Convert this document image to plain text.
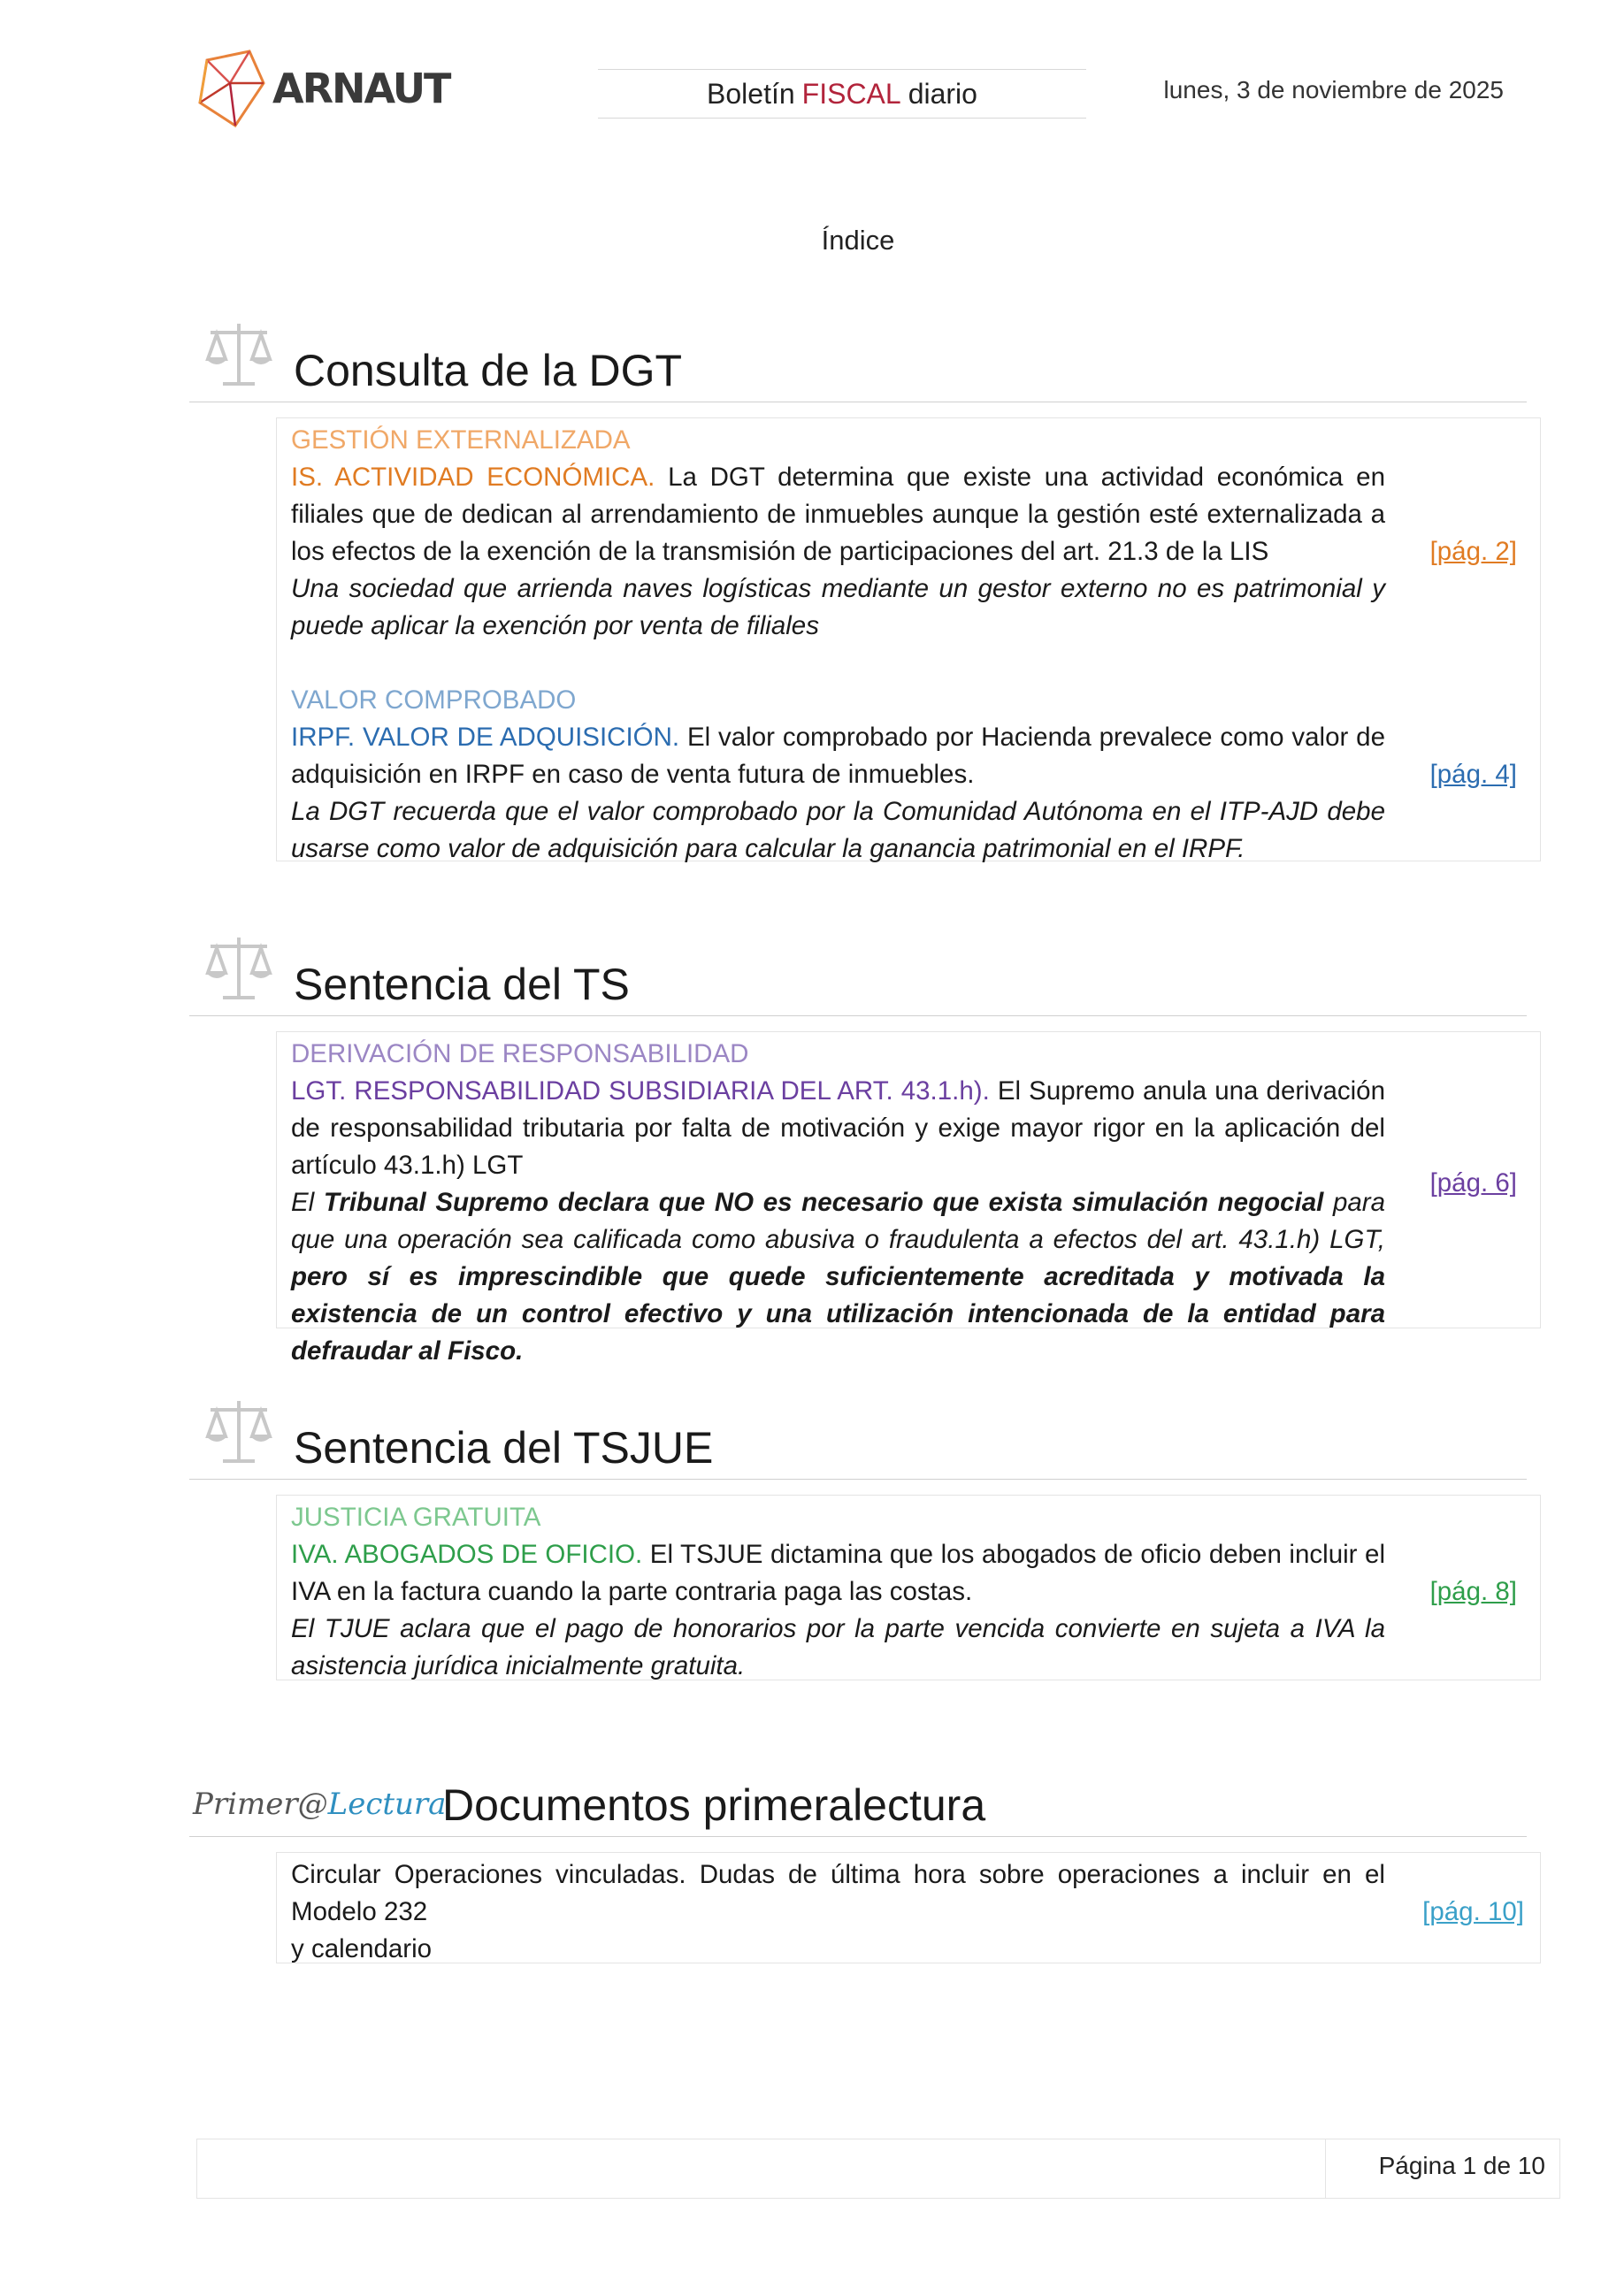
ARNAUT	Boletín FISCAL diario	lunes, 3 de noviembre de 2025
Índice
Consulta de la DGT
GESTIÓN EXTERNALIZADA
IS. ACTIVIDAD ECONÓMICA. La DGT determina que existe una actividad económica en filiales que de dedican al arrendamiento de inmuebles aunque la gestión esté externalizada a los efectos de la exención de la transmisión de participaciones del art. 21.3 de la LIS
Una sociedad que arrienda naves logísticas mediante un gestor externo no es patrimonial y puede aplicar la exención por venta de filiales
[pág. 2]
VALOR COMPROBADO
IRPF. VALOR DE ADQUISICIÓN. El valor comprobado por Hacienda prevalece como valor de adquisición en IRPF en caso de venta futura de inmuebles.
La DGT recuerda que el valor comprobado por la Comunidad Autónoma en el ITP-AJD debe usarse como valor de adquisición para calcular la ganancia patrimonial en el IRPF.
[pág. 4]
Sentencia del TS
DERIVACIÓN DE RESPONSABILIDAD
LGT. RESPONSABILIDAD SUBSIDIARIA DEL ART. 43.1.h). El Supremo anula una derivación de responsabilidad tributaria por falta de motivación y exige mayor rigor en la aplicación del artículo 43.1.h) LGT
El Tribunal Supremo declara que NO es necesario que exista simulación negocial para que una operación sea calificada como abusiva o fraudulenta a efectos del art. 43.1.h) LGT, pero sí es imprescindible que quede suficientemente acreditada y motivada la existencia de un control efectivo y una utilización intencionada de la entidad para defraudar al Fisco.
[pág. 6]
Sentencia del TSJUE
JUSTICIA GRATUITA
IVA. ABOGADOS DE OFICIO. El TSJUE dictamina que los abogados de oficio deben incluir el IVA en la factura cuando la parte contraria paga las costas.
El TJUE aclara que el pago de honorarios por la parte vencida convierte en sujeta a IVA la asistencia jurídica inicialmente gratuita.
[pág. 8]
Primer@Lectura
Documentos primeralectura
Circular Operaciones vinculadas. Dudas de última hora sobre operaciones a incluir en el Modelo 232
y calendario
[pág. 10]
Página 1 de 10
